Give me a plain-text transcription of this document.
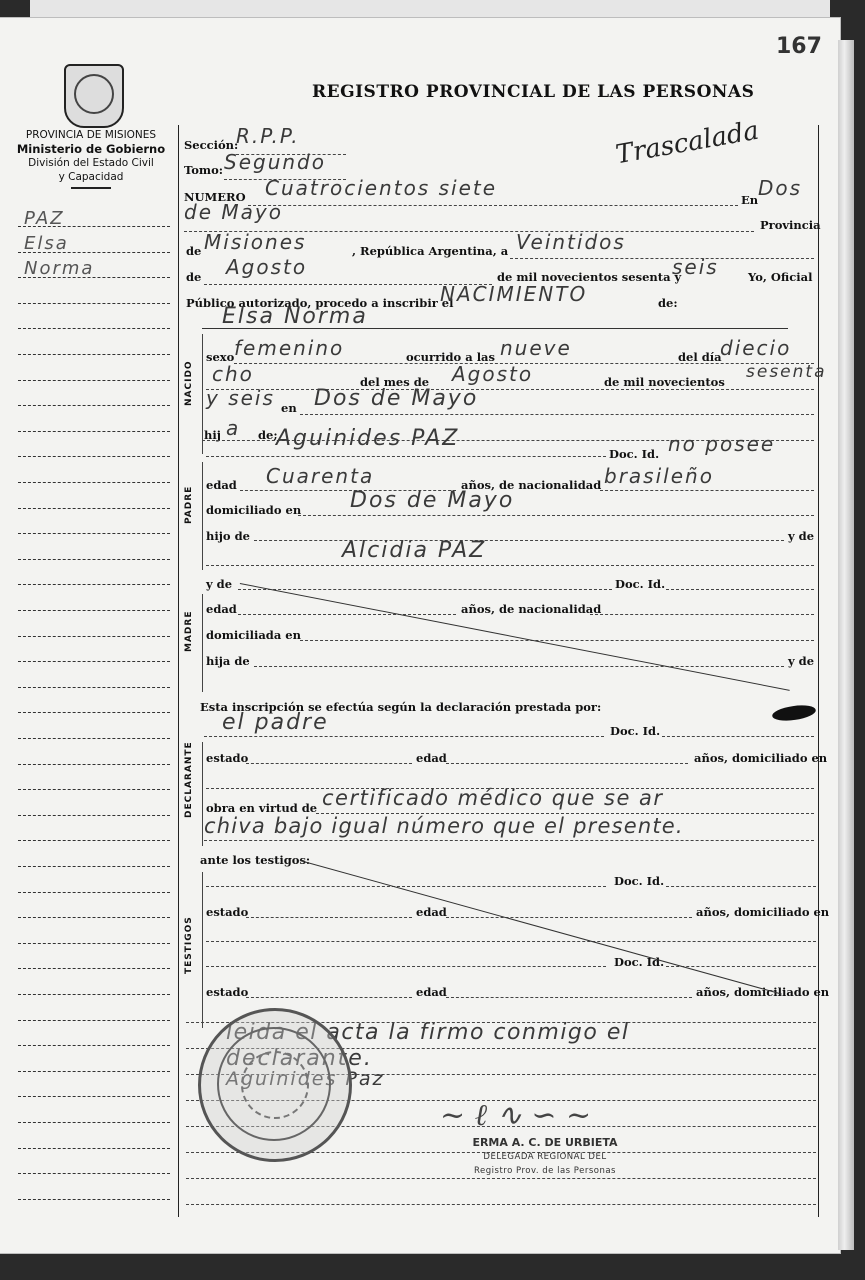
167
PROVINCIA DE MISIONES
Ministerio de Gobierno
División del Estado Civil
y Capacidad
PAZ
Elsa
Norma
REGISTRO PROVINCIAL DE LAS PERSONAS
Trascalada
Sección:
R.P.P.
Tomo: Segundo
NUMERO Cuatrocientos siete	En Dos
de Mayo
Provincia
de Misiones	, República Argentina, a Veintidos
de Agosto	de mil novecientos sesenta y
seis	Yo, Oficial
Público autorizado, procedo a inscribir el
NACIMIENTO	de:
Elsa Norma
NACIDO
sexo femenino	ocurrido a las nueve	del día
diecio
cho	del mes de Agosto	de mil novecientos sesenta
y seis en Dos de Mayo
hij a de;
Aguinides PAZ
Doc. Id. no posee
PADRE
edad Cuarenta	años, de nacionalidad brasileño
domiciliado en Dos de Mayo
hijo de	y de
Alcidia PAZ
y de	Doc. Id.
MADRE
edad	años, de nacionalidad
domiciliada en
hija de	y de
Esta inscripción se efectúa según la declaración prestada por:
el padre	Doc. Id.
DECLARANTE estado	edad	años, domiciliado en
obra en virtud de certificado médico que se ar
chiva bajo igual número que el presente.
ante los testigos:
TESTIGOS
Doc. Id.
estado	edad	años, domiciliado en
Doc. Id.
estado	edad	años, domiciliado en
leida el acta la firmo conmigo el
declarante.
Aguinides Paz
~ ℓ ∿ ∽ ~
ERMA A. C. DE URBIETA
DELEGADA REGIONAL DEL
Registro Prov. de las Personas
